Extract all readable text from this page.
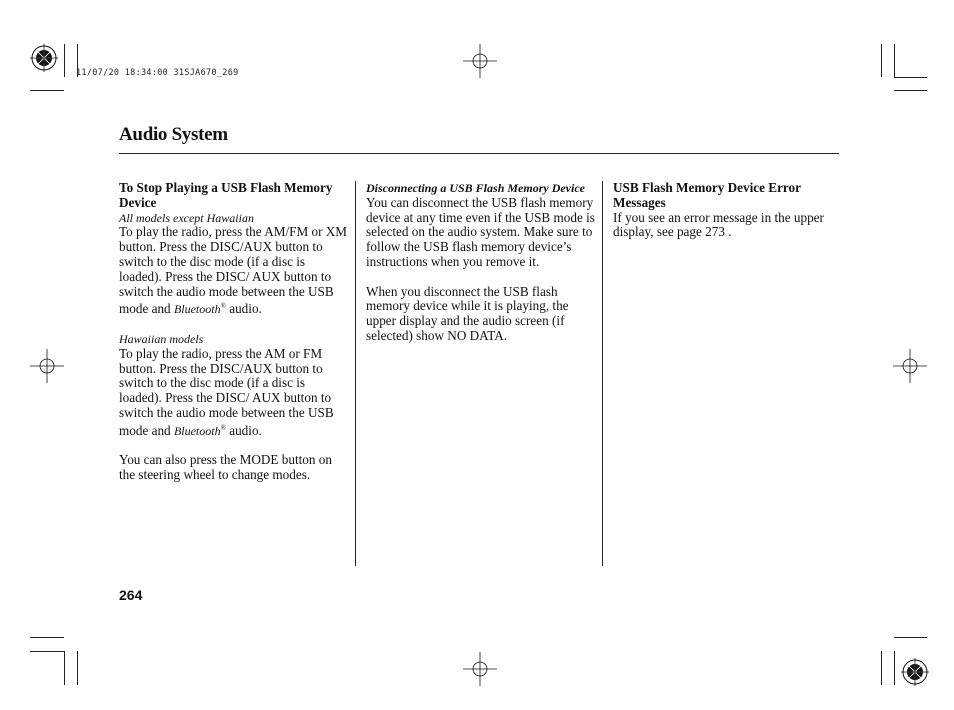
11/07/20 18:34:00 31SJA670_269
Audio System
To Stop Playing a USB Flash Memory Device
All models except Hawaiian

To play the radio, press the AM/FM or XM button. Press the DISC/AUX button to switch to the disc mode (if a disc is loaded). Press the DISC/ AUX button to switch the audio mode between the USB mode and Bluetooth® audio.

Hawaiian models

To play the radio, press the AM or FM button. Press the DISC/AUX button to switch to the disc mode (if a disc is loaded). Press the DISC/ AUX button to switch the audio mode between the USB mode and Bluetooth® audio.

You can also press the MODE button on the steering wheel to change modes.

Disconnecting a USB Flash Memory Device

You can disconnect the USB flash memory device at any time even if the USB mode is selected on the audio system. Make sure to follow the USB flash memory device’s instructions when you remove it.

When you disconnect the USB flash memory device while it is playing, the upper display and the audio screen (if selected) show NO DATA.

USB Flash Memory Device Error Messages

If you see an error message in the upper display, see page 273 .

264
